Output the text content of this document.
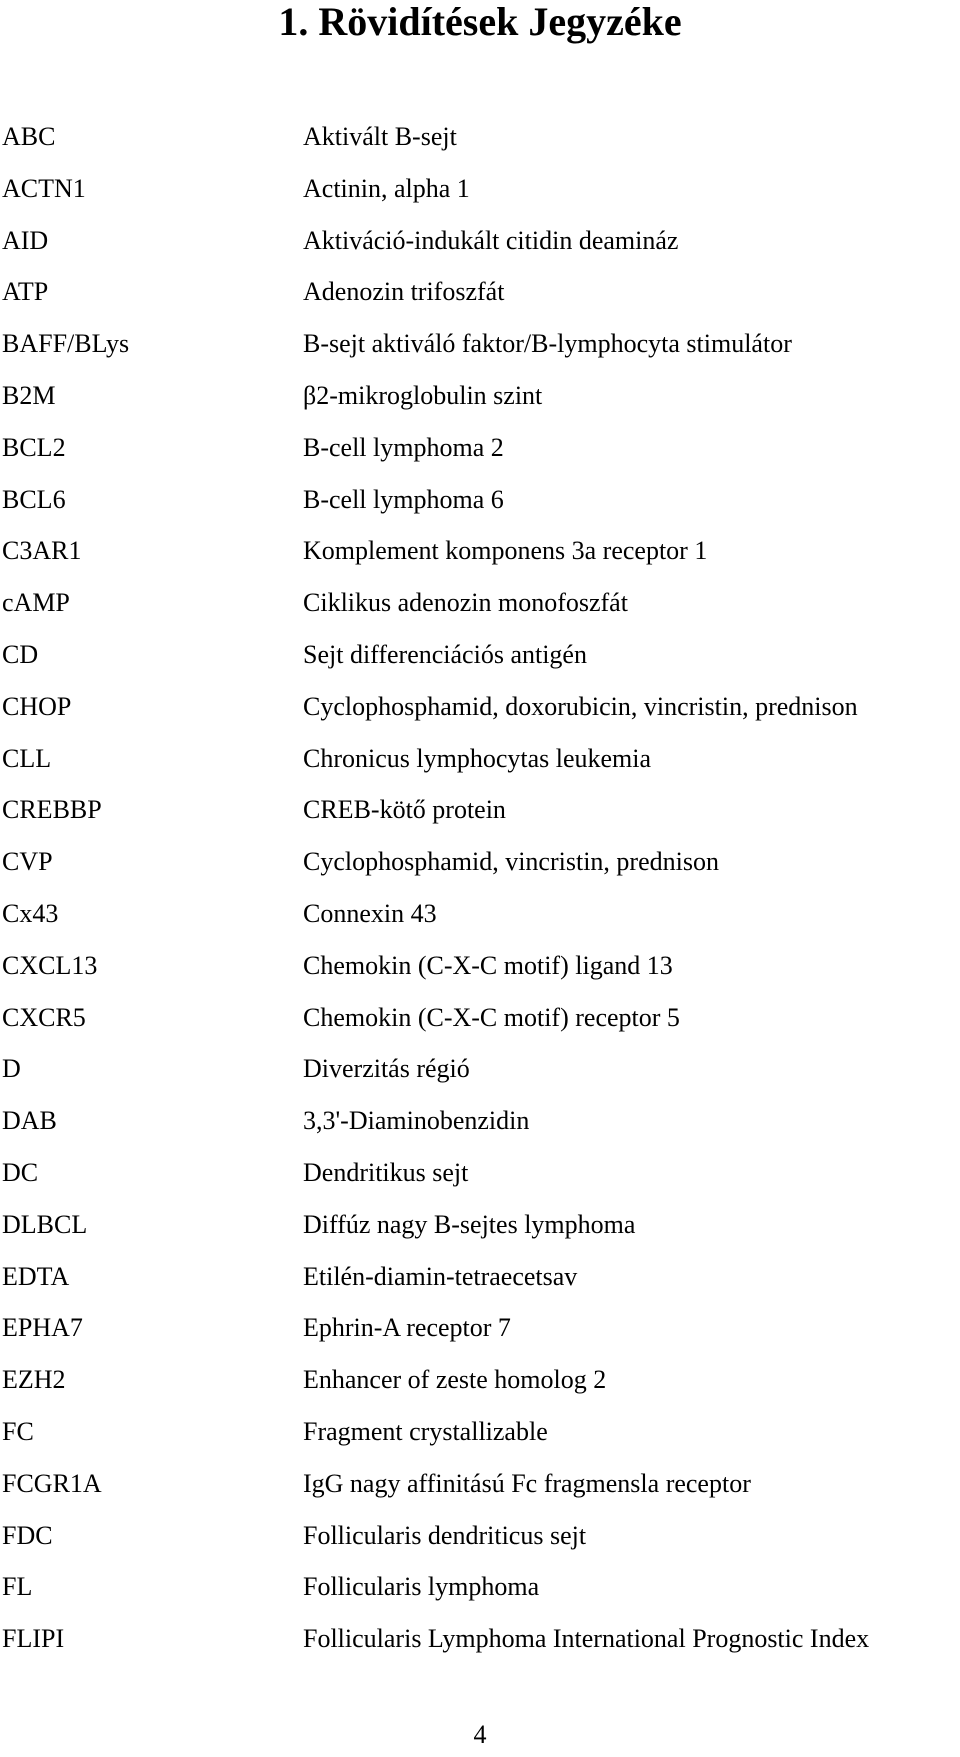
1. Rövidítések Jegyzéke
ABC	Aktivált B-sejt
ACTN1	Actinin, alpha 1
AID	Aktiváció-indukált citidin deamináz
ATP	Adenozin trifoszfát
BAFF/BLys	B-sejt aktiváló faktor/B-lymphocyta stimulátor
B2M	β2-mikroglobulin szint
BCL2	B-cell lymphoma 2
BCL6	B-cell lymphoma 6
C3AR1	Komplement komponens 3a receptor 1
cAMP	Ciklikus adenozin monofoszfát
CD	Sejt differenciációs antigén
CHOP	Cyclophosphamid, doxorubicin, vincristin, prednison
CLL	Chronicus lymphocytas leukemia
CREBBP	CREB-kötő protein
CVP	Cyclophosphamid, vincristin, prednison
Cx43	Connexin 43
CXCL13	Chemokin (C-X-C motif) ligand 13
CXCR5	Chemokin (C-X-C motif) receptor 5
D	Diverzitás régió
DAB	3,3'-Diaminobenzidin
DC	Dendritikus sejt
DLBCL	Diffúz nagy B-sejtes lymphoma
EDTA	Etilén-diamin-tetraecetsav
EPHA7	Ephrin-A receptor 7
EZH2	Enhancer of zeste homolog 2
FC	Fragment crystallizable
FCGR1A	IgG nagy affinitású Fc fragmensla receptor
FDC	Follicularis dendriticus sejt
FL	Follicularis lymphoma
FLIPI	Follicularis Lymphoma International Prognostic Index
4
